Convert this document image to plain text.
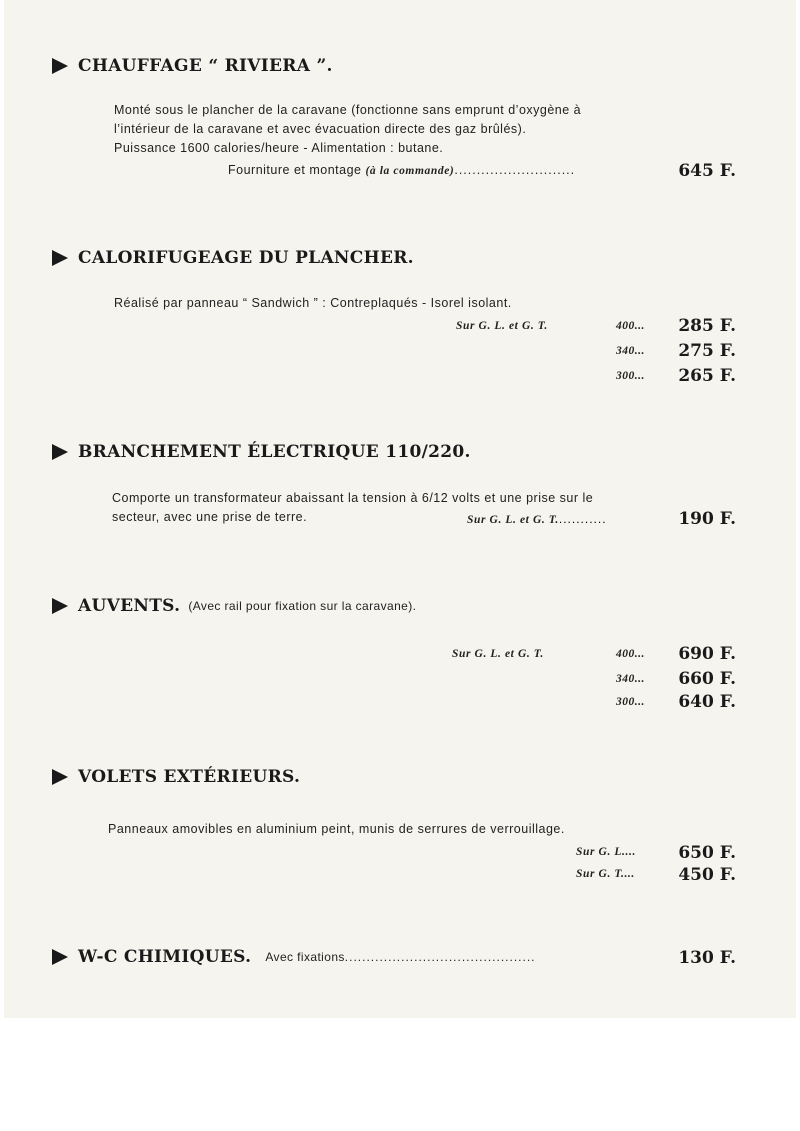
CHAUFFAGE “ RIVIERA ”.
Monté sous le plancher de la caravane (fonctionne sans emprunt d’oxygène à
l’intérieur de la caravane et avec évacuation directe des gaz brûlés).
Puissance 1600 calories/heure - Alimentation : butane.
Fourniture et montage (à la commande)...........................	645 F.
CALORIFUGEAGE DU PLANCHER.
Réalisé par panneau “ Sandwich ” : Contreplaqués - Isorel isolant.
Sur G. L. et G. T.	400... 285 F.
340... 275 F.
300... 265 F.
BRANCHEMENT ÉLECTRIQUE 110/220.
Comporte un transformateur abaissant la tension à 6/12 volts et une prise sur le
secteur, avec une prise de terre.	Sur G. L. et G. T............	190 F.
AUVENTS. (Avec rail pour fixation sur la caravane).
Sur G. L. et G. T.	400... 690 F.
340... 660 F.
300... 640 F.
VOLETS EXTÉRIEURS.
Panneaux amovibles en aluminium peint, munis de serrures de verrouillage.
Sur G. L.... 650 F.
Sur G. T....	450 F.
W-C CHIMIQUES. Avec fixations ............................................	130 F.
